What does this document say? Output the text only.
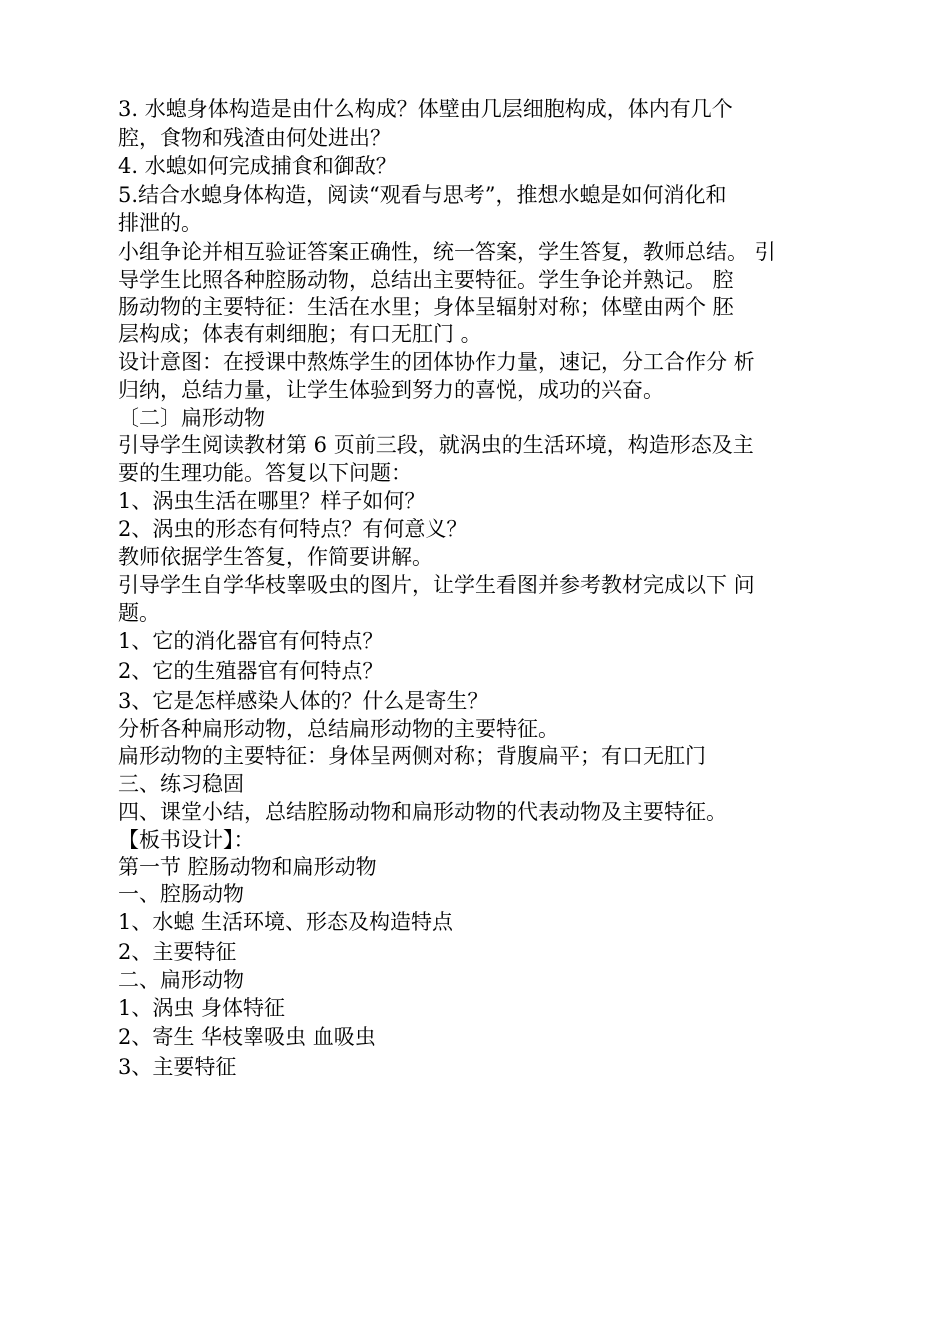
3. 水螅身体构造是由什么构成？体壁由几层细胞构成，体内有几个
腔，食物和残渣由何处进出？
4. 水螅如何完成捕食和御敌？
5.结合水螅身体构造，阅读“观看与思考”，推想水螅是如何消化和
排泄的。
小组争论并相互验证答案正确性，统一答案，学生答复，教师总结。 引
导学生比照各种腔肠动物，总结出主要特征。学生争论并熟记。 腔
肠动物的主要特征：生活在水里；身体呈辐射对称；体壁由两个 胚
层构成；体表有刺细胞；有口无肛门 。
设计意图：在授课中熬炼学生的团体协作力量，速记，分工合作分 析
归纳，总结力量，让学生体验到努力的喜悦，成功的兴奋。
〔二〕扁形动物
引导学生阅读教材第 6 页前三段，就涡虫的生活环境，构造形态及主
要的生理功能。答复以下问题：
1、涡虫生活在哪里？样子如何？
2、涡虫的形态有何特点？有何意义？
教师依据学生答复，作简要讲解。
引导学生自学华枝睾吸虫的图片，让学生看图并参考教材完成以下 问
题。
1、它的消化器官有何特点？
2、它的生殖器官有何特点？
3、它是怎样感染人体的？什么是寄生？
分析各种扁形动物，总结扁形动物的主要特征。
扁形动物的主要特征：身体呈两侧对称；背腹扁平；有口无肛门
三、练习稳固
四、课堂小结，总结腔肠动物和扁形动物的代表动物及主要特征。
【板书设计】：
第一节 腔肠动物和扁形动物
一、腔肠动物
1、水螅 生活环境、形态及构造特点
2、主要特征
二、扁形动物
1、涡虫 身体特征
2、寄生 华枝睾吸虫 血吸虫
3、主要特征
